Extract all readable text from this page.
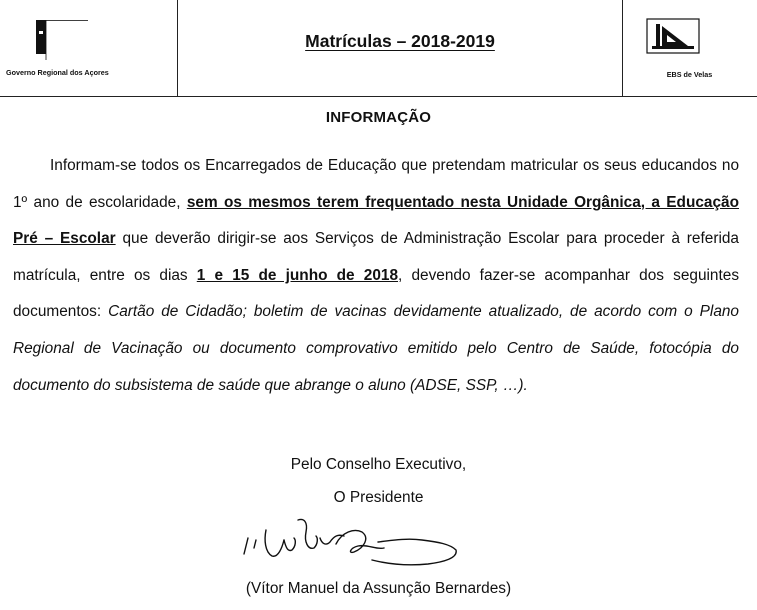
Governo Regional dos Açores
Matrículas – 2018-2019
EBS de Velas
INFORMAÇÃO
Informam-se todos os Encarregados de Educação que pretendam matricular os seus educandos no 1º ano de escolaridade, sem os mesmos terem frequentado nesta Unidade Orgânica, a Educação Pré – Escolar que deverão dirigir-se aos Serviços de Administração Escolar para proceder à referida matrícula, entre os dias 1 e 15 de junho de 2018, devendo fazer-se acompanhar dos seguintes documentos: Cartão de Cidadão; boletim de vacinas devidamente atualizado, de acordo com o Plano Regional de Vacinação ou documento comprovativo emitido pelo Centro de Saúde, fotocópia do documento do subsistema de saúde que abrange o aluno (ADSE, SSP, …).
Pelo Conselho Executivo,
O Presidente
(Vítor Manuel da Assunção Bernardes)
